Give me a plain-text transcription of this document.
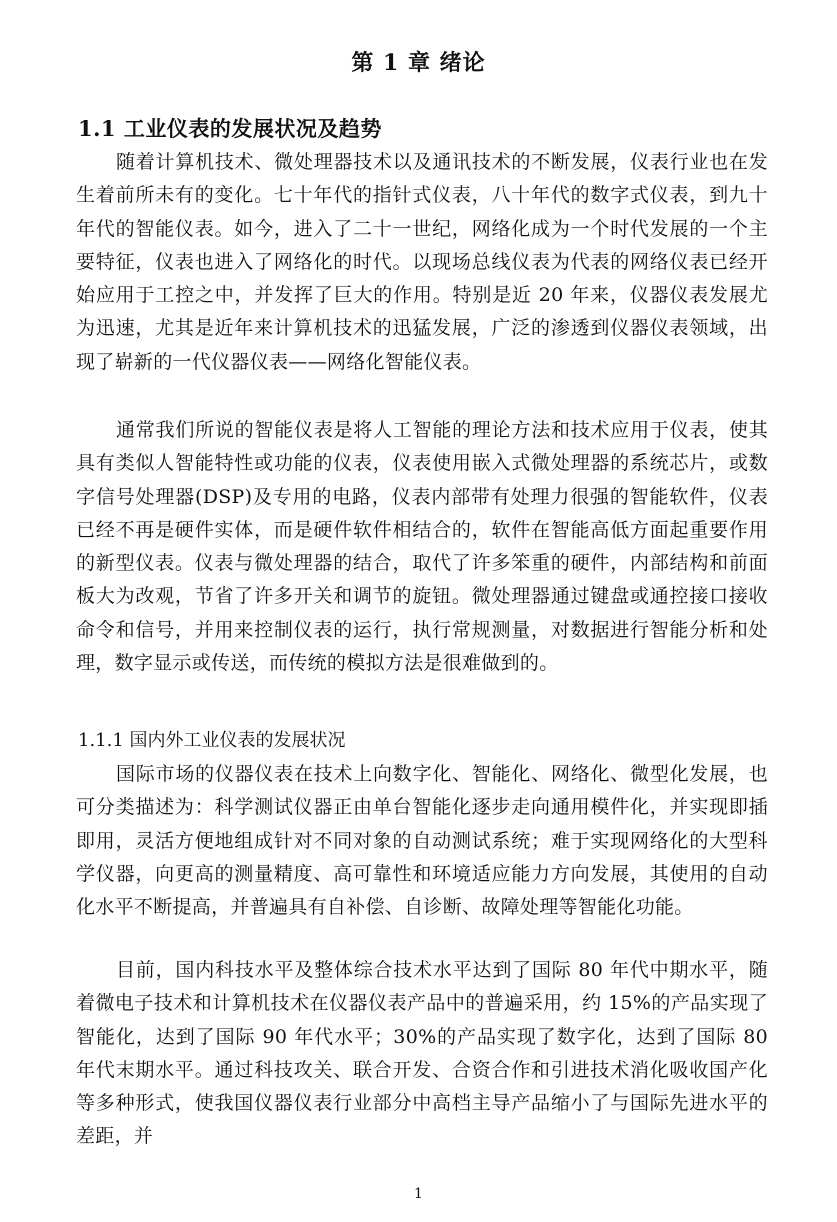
第 1 章 绪论
1.1 工业仪表的发展状况及趋势

随着计算机技术、微处理器技术以及通讯技术的不断发展，仪表行业也在发生着前所未有的变化。七十年代的指针式仪表，八十年代的数字式仪表，到九十年代的智能仪表。如今，进入了二十一世纪，网络化成为一个时代发展的一个主要特征，仪表也进入了网络化的时代。以现场总线仪表为代表的网络仪表已经开始应用于工控之中，并发挥了巨大的作用。特别是近 20 年来，仪器仪表发展尤为迅速，尤其是近年来计算机技术的迅猛发展，广泛的渗透到仪器仪表领域，出现了崭新的一代仪器仪表——网络化智能仪表。

通常我们所说的智能仪表是将人工智能的理论方法和技术应用于仪表，使其具有类似人智能特性或功能的仪表，仪表使用嵌入式微处理器的系统芯片，或数字信号处理器(DSP)及专用的电路，仪表内部带有处理力很强的智能软件，仪表已经不再是硬件实体，而是硬件软件相结合的，软件在智能高低方面起重要作用的新型仪表。仪表与微处理器的结合，取代了许多笨重的硬件，内部结构和前面板大为改观，节省了许多开关和调节的旋钮。微处理器通过键盘或通控接口接收命令和信号，并用来控制仪表的运行，执行常规测量，对数据进行智能分析和处理，数字显示或传送，而传统的模拟方法是很难做到的。

1.1.1 国内外工业仪表的发展状况

国际市场的仪器仪表在技术上向数字化、智能化、网络化、微型化发展，也可分类描述为：科学测试仪器正由单台智能化逐步走向通用模件化，并实现即插即用，灵活方便地组成针对不同对象的自动测试系统；难于实现网络化的大型科学仪器，向更高的测量精度、高可靠性和环境适应能力方向发展，其使用的自动化水平不断提高，并普遍具有自补偿、自诊断、故障处理等智能化功能。

目前，国内科技水平及整体综合技术水平达到了国际 80 年代中期水平，随着微电子技术和计算机技术在仪器仪表产品中的普遍采用，约 15%的产品实现了智能化，达到了国际 90 年代水平；30%的产品实现了数字化，达到了国际 80 年代末期水平。通过科技攻关、联合开发、合资合作和引进技术消化吸收国产化等多种形式，使我国仪器仪表行业部分中高档主导产品缩小了与国际先进水平的差距，并

1
